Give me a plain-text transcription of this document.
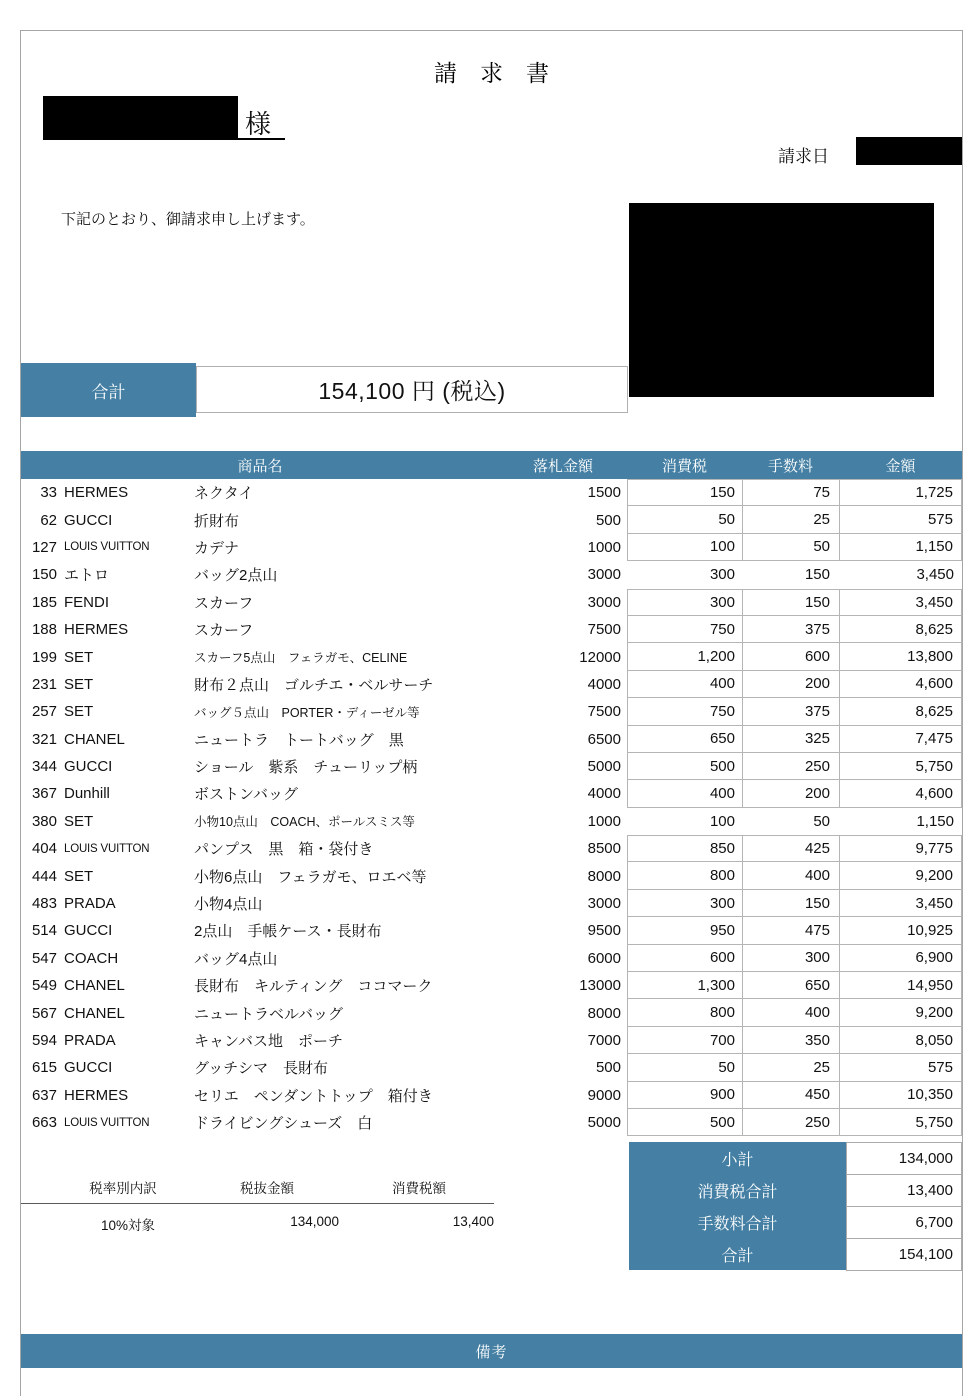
請　求　書
様
請求日
下記のとおり、御請求申し上げます。
合計	154,100 円 (税込)
商品名	落札金額	消費税	手数料	金額
33 HERMES	ネクタイ	1500	150	75	1,725
62 GUCCI	折財布	500	50	25	575
127 LOUIS VUITTON	カデナ	1000	100	50	1,150
150 エトロ	バッグ2点山	3000	300	150	3,450
185 FENDI	スカーフ	3000	300	150	3,450
188 HERMES	スカーフ	7500	750	375	8,625
199 SET	スカーフ5点山　フェラガモ、CELINE	12000	1,200	600	13,800
231 SET	財布２点山　ゴルチエ・ベルサーチ	4000	400	200	4,600
257 SET	バッグ５点山　PORTER・ディーゼル等	7500	750	375	8,625
321 CHANEL	ニュートラ　トートバッグ　黒	6500	650	325	7,475
344 GUCCI	ショール　紫系　チューリップ柄	5000	500	250	5,750
367 Dunhill	ボストンバッグ	4000	400	200	4,600
380 SET	小物10点山　COACH、ポールスミス等	1000	100	50	1,150
404 LOUIS VUITTON	パンプス　黒　箱・袋付き	8500	850	425	9,775
444 SET	小物6点山　フェラガモ、ロエベ等	8000	800	400	9,200
483 PRADA	小物4点山	3000	300	150	3,450
514 GUCCI	2点山　手帳ケース・長財布	9500	950	475	10,925
547 COACH	バッグ4点山	6000	600	300	6,900
549 CHANEL	長財布　キルティング　ココマーク	13000	1,300	650	14,950
567 CHANEL	ニュートラベルバッグ	8000	800	400	9,200
594 PRADA	キャンバス地　ポーチ	7000	700	350	8,050
615 GUCCI	グッチシマ　長財布	500	50	25	575
637 HERMES	セリエ　ペンダントトップ　箱付き	9000	900	450	10,350
663 LOUIS VUITTON	ドライビングシューズ　白	5000	500	250	5,750
小計	134,000
消費税合計	13,400
手数料合計	6,700
合計	154,100
税率別内訳	税抜金額	消費税額
10%対象	134,000	13,400
備考
